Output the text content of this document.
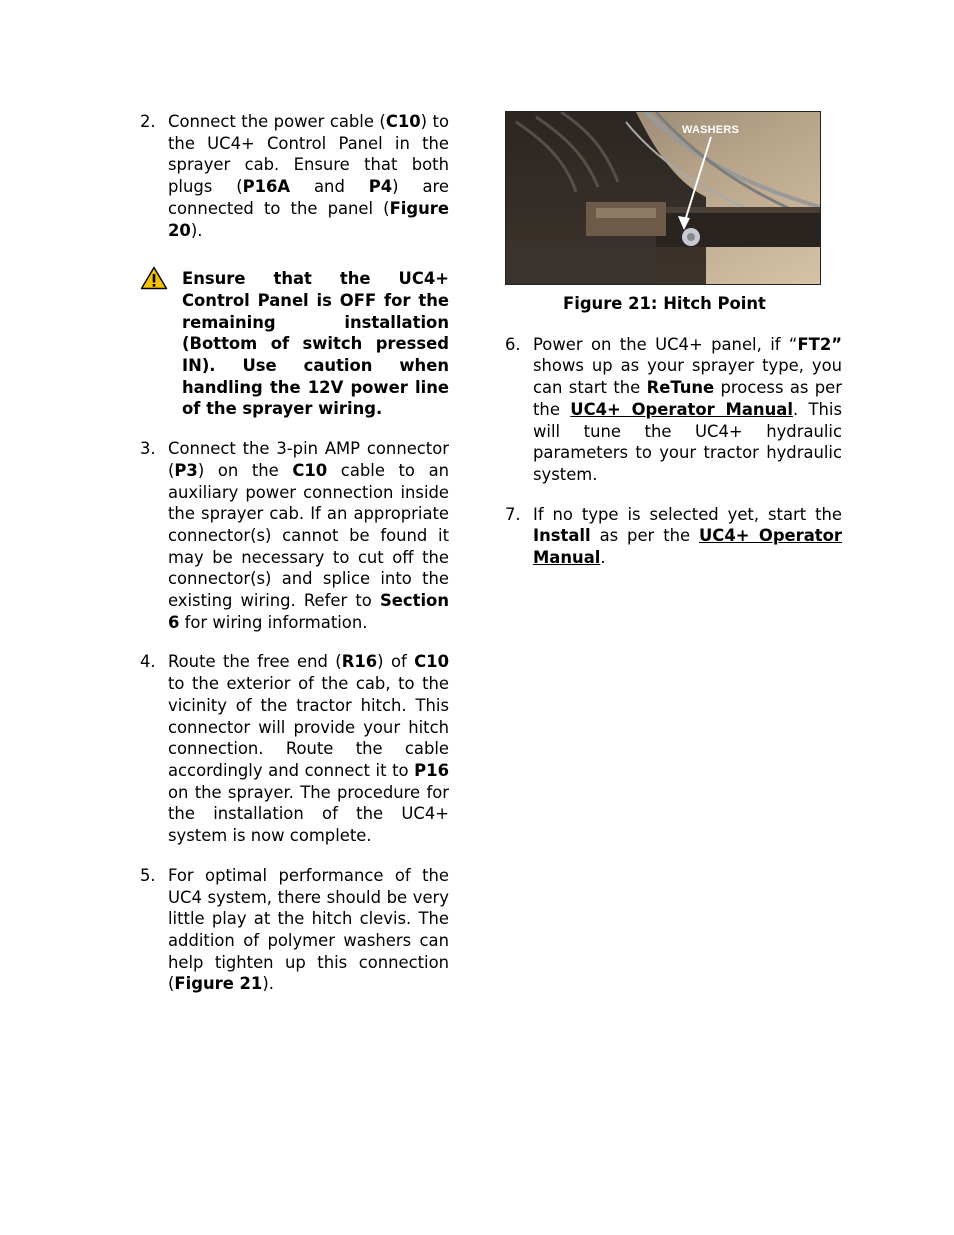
2. Connect the power cable (C10) to the UC4+ Control Panel in the sprayer cab. Ensure that both plugs (P16A and P4) are connected to the panel (Figure 20).
Ensure that the UC4+ Control Panel is OFF for the remaining installation (Bottom of switch pressed IN). Use caution when handling the 12V power line of the sprayer wiring.
3. Connect the 3-pin AMP connector (P3) on the C10 cable to an auxiliary power connection inside the sprayer cab. If an appropriate connector(s) cannot be found it may be necessary to cut off the connector(s) and splice into the existing wiring. Refer to Section 6 for wiring information.
4. Route the free end (R16) of C10 to the exterior of the cab, to the vicinity of the tractor hitch. This connector will provide your hitch connection. Route the cable accordingly and connect it to P16 on the sprayer. The procedure for the installation of the UC4+ system is now complete.
5. For optimal performance of the UC4 system, there should be very little play at the hitch clevis. The addition of polymer washers can help tighten up this connection (Figure 21).
WASHERS
Figure 21: Hitch Point
6. Power on the UC4+ panel, if “FT2” shows up as your sprayer type, you can start the ReTune process as per the UC4+ Operator Manual. This will tune the UC4+ hydraulic parameters to your tractor hydraulic system.
7. If no type is selected yet, start the Install as per the UC4+ Operator Manual.
